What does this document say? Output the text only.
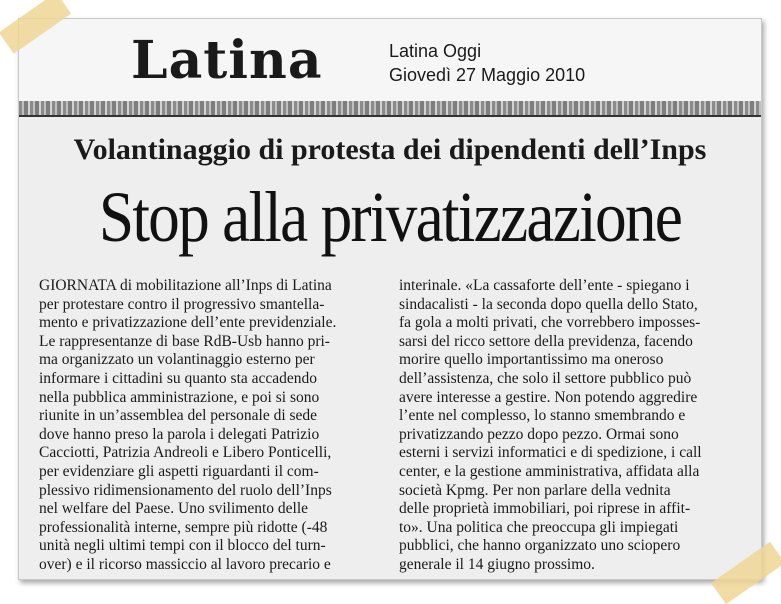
Latina	Latina Oggi
Giovedì 27 Maggio 2010
Volantinaggio di protesta dei dipendenti dell’Inps
Stop alla privatizzazione
GIORNATA di mobilitazione all’Inps di Latina
per protestare contro il progressivo smantella-
mento e privatizzazione dell’ente previdenziale.
Le rappresentanze di base RdB-Usb hanno pri-
ma organizzato un volantinaggio esterno per
informare i cittadini su quanto sta accadendo
nella pubblica amministrazione, e poi si sono
riunite in un’assemblea del personale di sede
dove hanno preso la parola i delegati Patrizio
Cacciotti, Patrizia Andreoli e Libero Ponticelli,
per evidenziare gli aspetti riguardanti il com-
plessivo ridimensionamento del ruolo dell’Inps
nel welfare del Paese. Uno svilimento delle
professionalità interne, sempre più ridotte (-48
unità negli ultimi tempi con il blocco del turn-
over) e il ricorso massiccio al lavoro precario e
interinale. «La cassaforte dell’ente - spiegano i
sindacalisti - la seconda dopo quella dello Stato,
fa gola a molti privati, che vorrebbero imposses-
sarsi del ricco settore della previdenza, facendo
morire quello importantissimo ma oneroso
dell’assistenza, che solo il settore pubblico può
avere interesse a gestire. Non potendo aggredire
l’ente nel complesso, lo stanno smembrando e
privatizzando pezzo dopo pezzo. Ormai sono
esterni i servizi informatici e di spedizione, i call
center, e la gestione amministrativa, affidata alla
società Kpmg. Per non parlare della vednita
delle proprietà immobiliari, poi riprese in affit-
to». Una politica che preoccupa gli impiegati
pubblici, che hanno organizzato uno sciopero
generale il 14 giugno prossimo.
